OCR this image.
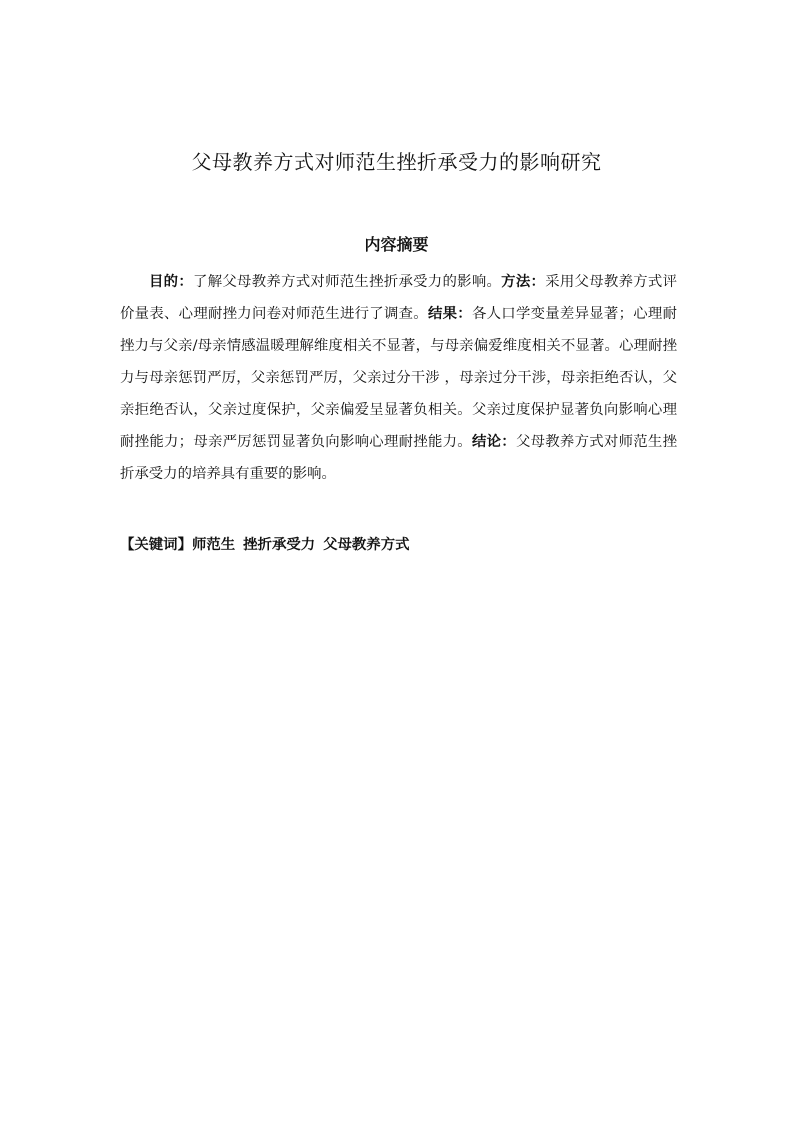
父母教养方式对师范生挫折承受力的影响研究
内容摘要
目的：了解父母教养方式对师范生挫折承受力的影响。方法：采用父母教养方式评价量表、心理耐挫力问卷对师范生进行了调查。结果：各人口学变量差异显著；心理耐挫力与父亲/母亲情感温暖理解维度相关不显著，与母亲偏爱维度相关不显著。心理耐挫力与母亲惩罚严厉，父亲惩罚严厉，父亲过分干涉 ，母亲过分干涉，母亲拒绝否认，父亲拒绝否认，父亲过度保护，父亲偏爱呈显著负相关。父亲过度保护显著负向影响心理耐挫能力；母亲严厉惩罚显著负向影响心理耐挫能力。结论：父母教养方式对师范生挫折承受力的培养具有重要的影响。
【关键词】师范生 挫折承受力 父母教养方式
